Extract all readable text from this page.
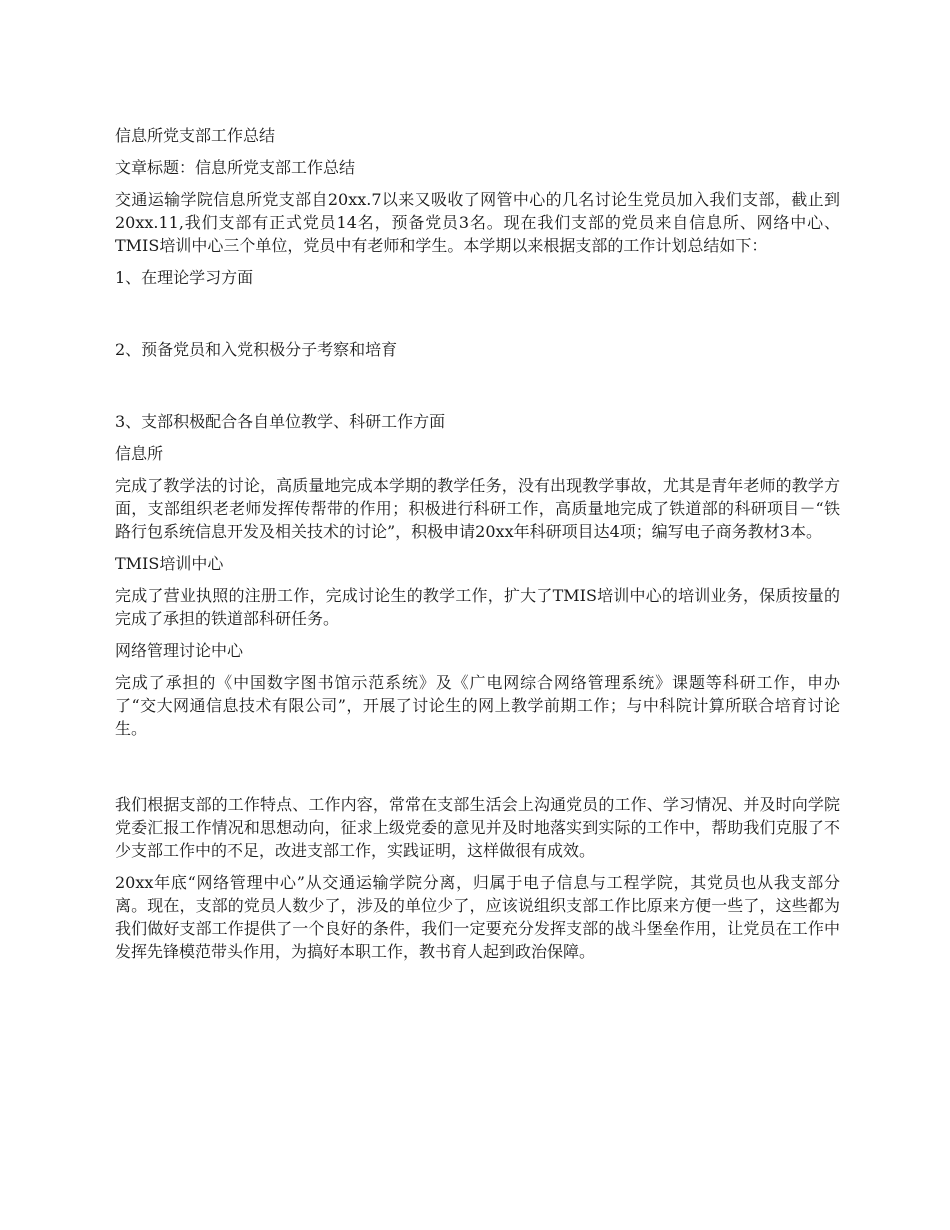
信息所党支部工作总结

文章标题：信息所党支部工作总结

交通运输学院信息所党支部自20xx.7以来又吸收了网管中心的几名讨论生党员加入我们支部，截止到20xx.11,我们支部有正式党员14名，预备党员3名。现在我们支部的党员来自信息所、网络中心、TMIS培训中心三个单位，党员中有老师和学生。本学期以来根据支部的工作计划总结如下：

1、在理论学习方面

2、预备党员和入党积极分子考察和培育

3、支部积极配合各自单位教学、科研工作方面

信息所

完成了教学法的讨论，高质量地完成本学期的教学任务，没有出现教学事故，尤其是青年老师的教学方面，支部组织老老师发挥传帮带的作用；积极进行科研工作，高质量地完成了铁道部的科研项目－“铁路行包系统信息开发及相关技术的讨论”，积极申请20xx年科研项目达4项；编写电子商务教材3本。

TMIS培训中心

完成了营业执照的注册工作，完成讨论生的教学工作，扩大了TMIS培训中心的培训业务，保质按量的完成了承担的铁道部科研任务。

网络管理讨论中心

完成了承担的《中国数字图书馆示范系统》及《广电网综合网络管理系统》课题等科研工作，申办了“交大网通信息技术有限公司”，开展了讨论生的网上教学前期工作；与中科院计算所联合培育讨论生。

我们根据支部的工作特点、工作内容，常常在支部生活会上沟通党员的工作、学习情况、并及时向学院党委汇报工作情况和思想动向，征求上级党委的意见并及时地落实到实际的工作中，帮助我们克服了不少支部工作中的不足，改进支部工作，实践证明，这样做很有成效。

20xx年底“网络管理中心”从交通运输学院分离，归属于电子信息与工程学院，其党员也从我支部分离。现在，支部的党员人数少了，涉及的单位少了，应该说组织支部工作比原来方便一些了，这些都为我们做好支部工作提供了一个良好的条件，我们一定要充分发挥支部的战斗堡垒作用，让党员在工作中发挥先锋模范带头作用，为搞好本职工作，教书育人起到政治保障。
